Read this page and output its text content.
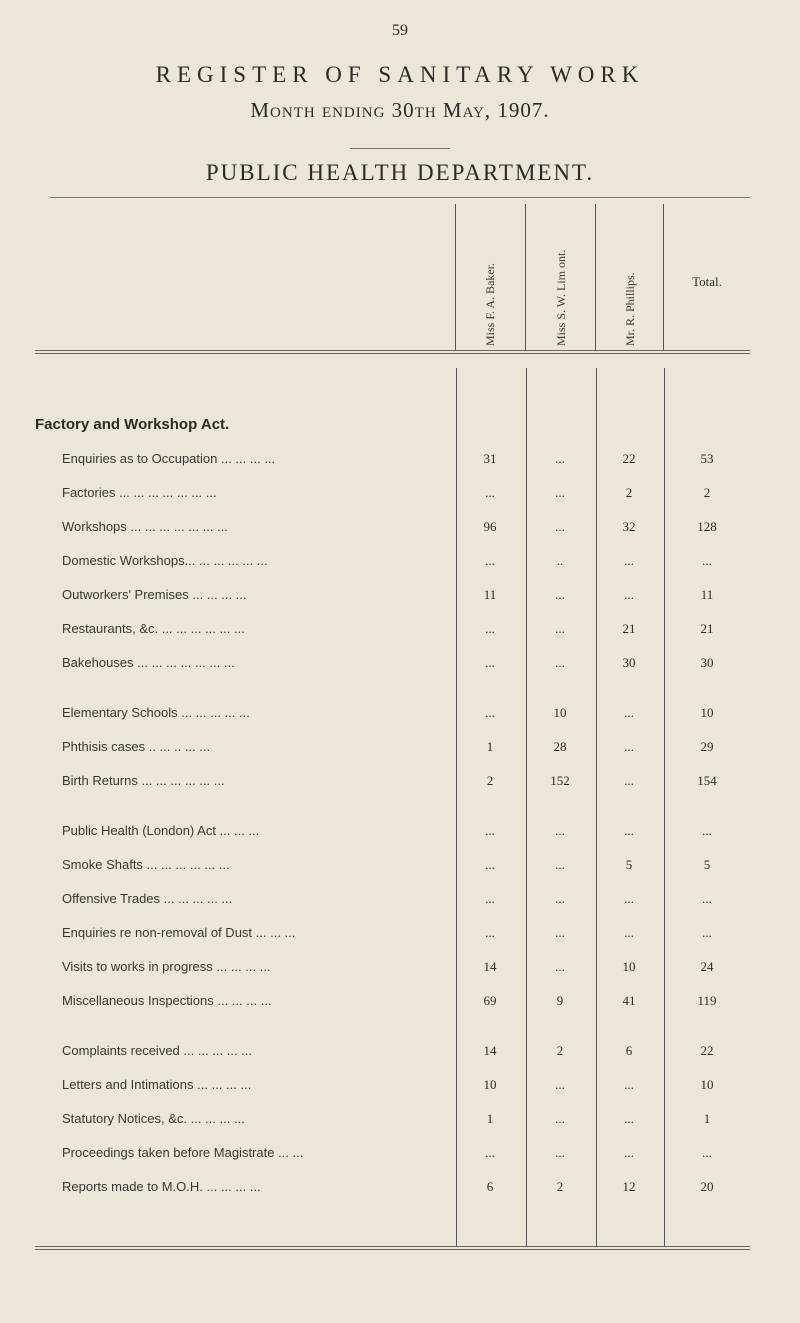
59
REGISTER OF SANITARY WORK
Month ending 30th May, 1907.
PUBLIC HEALTH DEPARTMENT.
Miss F. A. Baker.	Miss S. W. Lim ont.	Mr. R. Phillips.	Total.
Factory and Workshop Act.
Enquiries as to Occupation ... ... ... ...	31	...	22	53
Factories ... ... ... ... ... ... ...	...	...	2	2
Workshops ... ... ... ... ... ... ...	96	...	32	128
Domestic Workshops... ... ... ... ... ...	...	..	...	...
Outworkers' Premises ... ... ... ...	11	...	...	11
Restaurants, &c. ... ... ... ... ... ...	...	...	21	21
Bakehouses ... ... ... ... ... ... ...	...	...	30	30
Elementary Schools ... ... ... ... ...	...	10	...	10
Phthisis cases .. ... .. ... ...	1	28	...	29
Birth Returns ... ... ... ... ... ...	2	152	...	154
Public Health (London) Act ... ... ...	...	...	...	...
Smoke Shafts ... ... ... ... ... ...	...	...	5	5
Offensive Trades ... ... ... ... ...	...	...	...	...
Enquiries re non-removal of Dust ... ... ...	...	...	...	...
Visits to works in progress ... ... ... ...	14	...	10	24
Miscellaneous Inspections ... ... ... ...	69	9	41	119
Complaints received ... ... ... ... ...	14	2	6	22
Letters and Intimations ... ... ... ...	10	...	...	10
Statutory Notices, &c. ... ... ... ...	1	...	...	1
Proceedings taken before Magistrate ... ...	...	...	...	...
Reports made to M.O.H. ... ... ... ...	6	2	12	20
